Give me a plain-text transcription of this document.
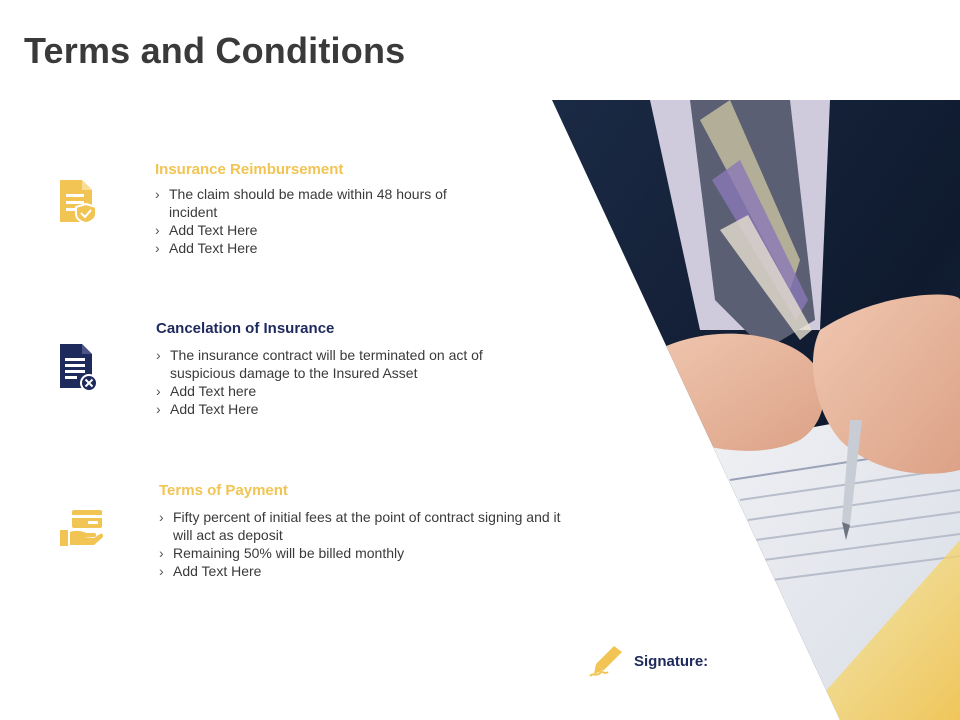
Terms and Conditions
Insurance Reimbursement
› The claim should be made within 48 hours of incident
› Add Text Here
› Add Text Here
Cancelation of Insurance
› The insurance contract will be terminated on act of suspicious damage to the Insured Asset
› Add Text here
› Add Text Here
Terms of Payment
› Fifty percent of initial fees at the point of contract signing and it will act as deposit
› Remaining 50% will be billed monthly
› Add Text Here
Signature:
